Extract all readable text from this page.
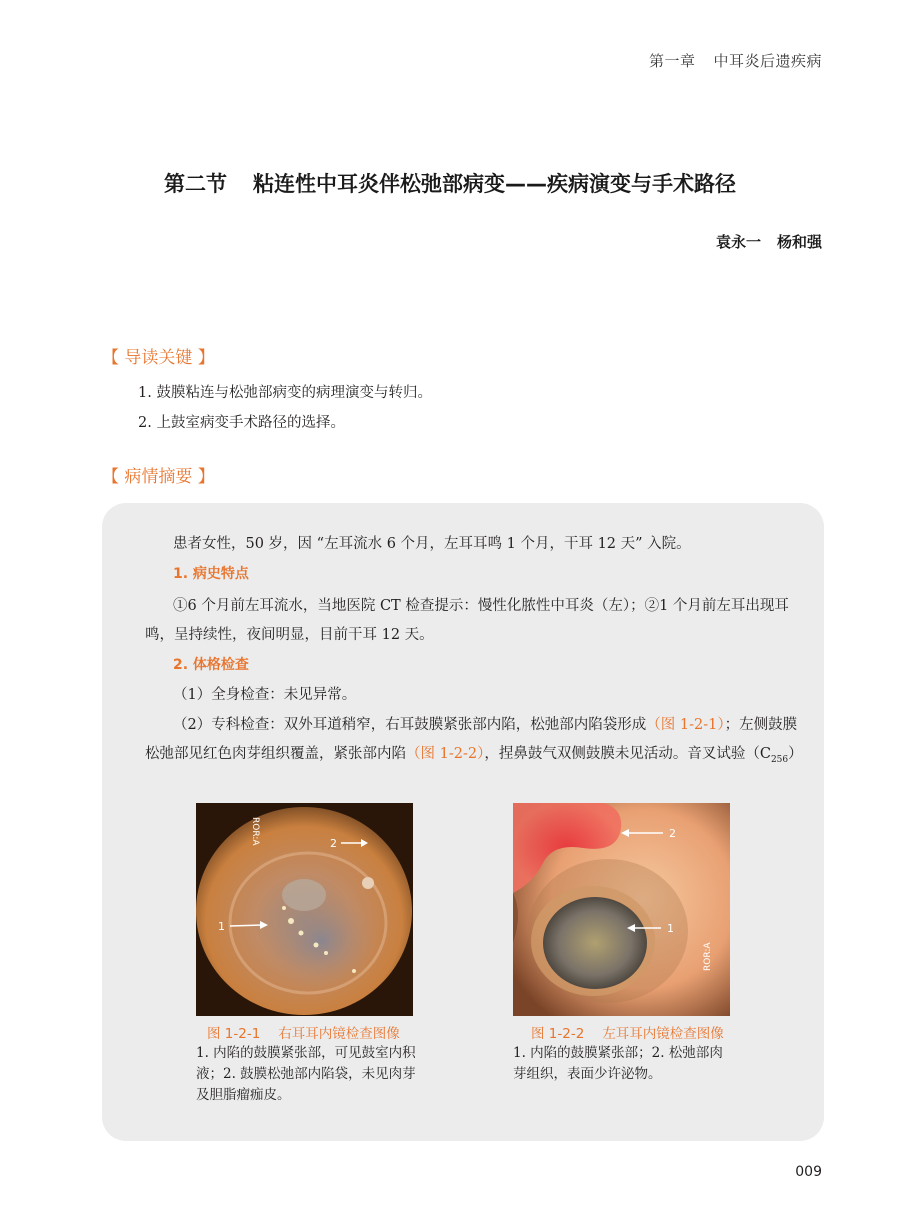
第一章 中耳炎后遗疾病
第二节 粘连性中耳炎伴松弛部病变——疾病演变与手术路径
袁永一 杨和强
【 导读关键 】
1. 鼓膜粘连与松弛部病变的病理演变与转归。
2. 上鼓室病变手术路径的选择。
【 病情摘要 】
患者女性，50 岁，因 “左耳流水 6 个月，左耳耳鸣 1 个月，干耳 12 天” 入院。
1. 病史特点
①6 个月前左耳流水，当地医院 CT 检查提示：慢性化脓性中耳炎（左）；②1 个月前左耳出现耳
鸣，呈持续性，夜间明显，目前干耳 12 天。
2. 体格检查
（1）全身检查：未见异常。
（2）专科检查：双外耳道稍窄，右耳鼓膜紧张部内陷，松弛部内陷袋形成（图 1-2-1）；左侧鼓膜
松弛部见红色肉芽组织覆盖，紧张部内陷（图 1-2-2），捏鼻鼓气双侧鼓膜未见活动。音叉试验$(C_{256})$
2
1
ROR:A
图 1-2-1 右耳耳内镜检查图像
1. 内陷的鼓膜紧张部，可见鼓室内积
液；2. 鼓膜松弛部内陷袋，未见肉芽
及胆脂瘤痂皮。
2
1
ROR:A
图 1-2-2 左耳耳内镜检查图像
1. 内陷的鼓膜紧张部；2. 松弛部肉
芽组织，表面少许泌物。
009
